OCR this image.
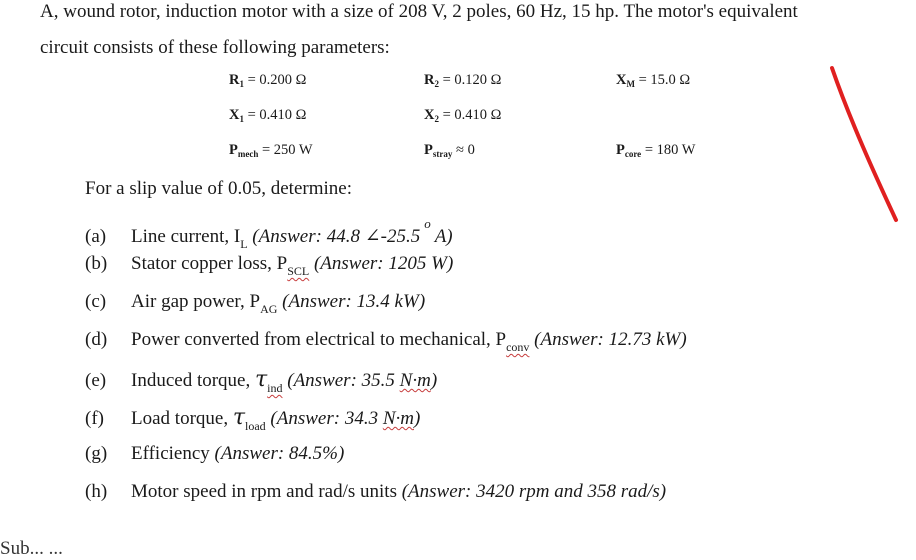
A, wound rotor, induction motor with a size of 208 V, 2 poles, 60 Hz, 15 hp. The motor's equivalent
circuit consists of these following parameters:
$R_1 = 0.200$ Ω	$R_2 = 0.120$ Ω	$X_M = 15.0$ Ω
$X_1 = 0.410$ Ω	$X_2 = 0.410$ Ω
$P_{mech} = 250$ W	$P_{stray} \approx 0$	$P_{core} = 180$ W
For a slip value of 0.05, determine:
(a) Line current, $I_L$ (Answer: 44.8 ∠-25.5$^o$A)
(b) Stator copper loss, $P_{SCL}$ (Answer: 1205 W)
(c) Air gap power, $P_{AG}$ (Answer: 13.4 kW)
(d) Power converted from electrical to mechanical, $P_{conv}$ (Answer: 12.73 kW)
(e) Induced torque, $\tau_{ind}$ (Answer: 35.5 N·m)
(f) Load torque, $\tau_{load}$ (Answer: 34.3 N·m)
(g) Efficiency (Answer: 84.5%)
(h) Motor speed in rpm and rad/s units (Answer: 3420 rpm and 358 rad/s)
Sub... ...
